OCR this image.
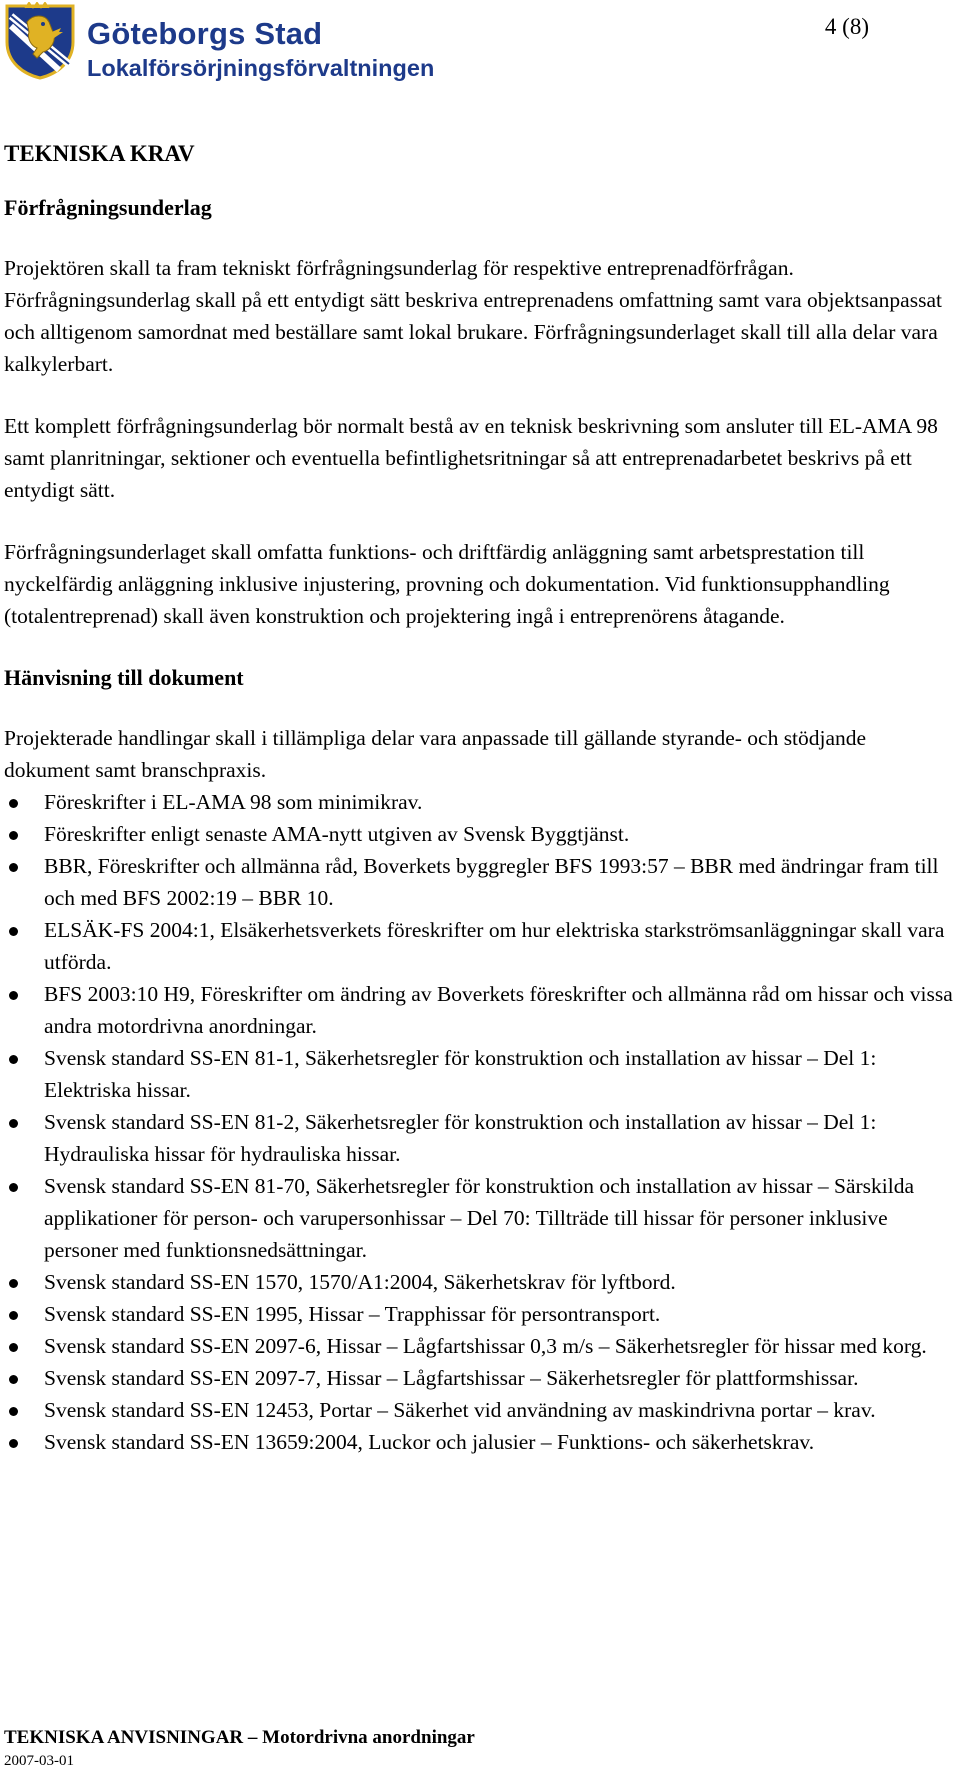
Göteborgs Stad
Lokalförsörjningsförvaltningen
4 (8)
TEKNISKA KRAV
Förfrågningsunderlag

Projektören skall ta fram tekniskt förfrågningsunderlag för respektive entreprenadförfrågan. Förfrågningsunderlag skall på ett entydigt sätt beskriva entreprenadens omfattning samt vara objektsanpassat och alltigenom samordnat med beställare samt lokal brukare. Förfrågningsunderlaget skall till alla delar vara kalkylerbart.

Ett komplett förfrågningsunderlag bör normalt bestå av en teknisk beskrivning som ansluter till EL-AMA 98 samt planritningar, sektioner och eventuella befintlighetsritningar så att entreprenadarbetet beskrivs på ett entydigt sätt.

Förfrågningsunderlaget skall omfatta funktions- och driftfärdig anläggning samt arbetsprestation till nyckelfärdig anläggning inklusive injustering, provning och dokumentation. Vid funktionsupphandling (totalentreprenad) skall även konstruktion och projektering ingå i entreprenörens åtagande.

Hänvisning till dokument

Projekterade handlingar skall i tillämpliga delar vara anpassade till gällande styrande- och stödjande dokument samt branschpraxis.

Föreskrifter i EL-AMA 98 som minimikrav.
Föreskrifter enligt senaste AMA-nytt utgiven av Svensk Byggtjänst.
BBR, Föreskrifter och allmänna råd, Boverkets byggregler BFS 1993:57 – BBR med ändringar fram till och med BFS 2002:19 – BBR 10.
ELSÄK-FS 2004:1, Elsäkerhetsverkets föreskrifter om hur elektriska starkströmsanläggningar skall vara utförda.
BFS 2003:10 H9, Föreskrifter om ändring av Boverkets föreskrifter och allmänna råd om hissar och vissa andra motordrivna anordningar.
Svensk standard SS-EN 81-1, Säkerhetsregler för konstruktion och installation av hissar – Del 1: Elektriska hissar.
Svensk standard SS-EN 81-2, Säkerhetsregler för konstruktion och installation av hissar – Del 1: Hydrauliska hissar för hydrauliska hissar.
Svensk standard SS-EN 81-70, Säkerhetsregler för konstruktion och installation av hissar – Särskilda applikationer för person- och varupersonhissar – Del 70: Tillträde till hissar för personer inklusive personer med funktionsnedsättningar.
Svensk standard SS-EN 1570, 1570/A1:2004, Säkerhetskrav för lyftbord.
Svensk standard SS-EN 1995, Hissar – Trapphissar för persontransport.
Svensk standard SS-EN 2097-6, Hissar – Lågfartshissar 0,3 m/s – Säkerhetsregler för hissar med korg.
Svensk standard SS-EN 2097-7, Hissar – Lågfartshissar – Säkerhetsregler för plattformshissar.
Svensk standard SS-EN 12453, Portar – Säkerhet vid användning av maskindrivna portar – krav.
Svensk standard SS-EN 13659:2004, Luckor och jalusier – Funktions- och säkerhetskrav.
TEKNISKA ANVISNINGAR – Motordrivna anordningar
2007-03-01
